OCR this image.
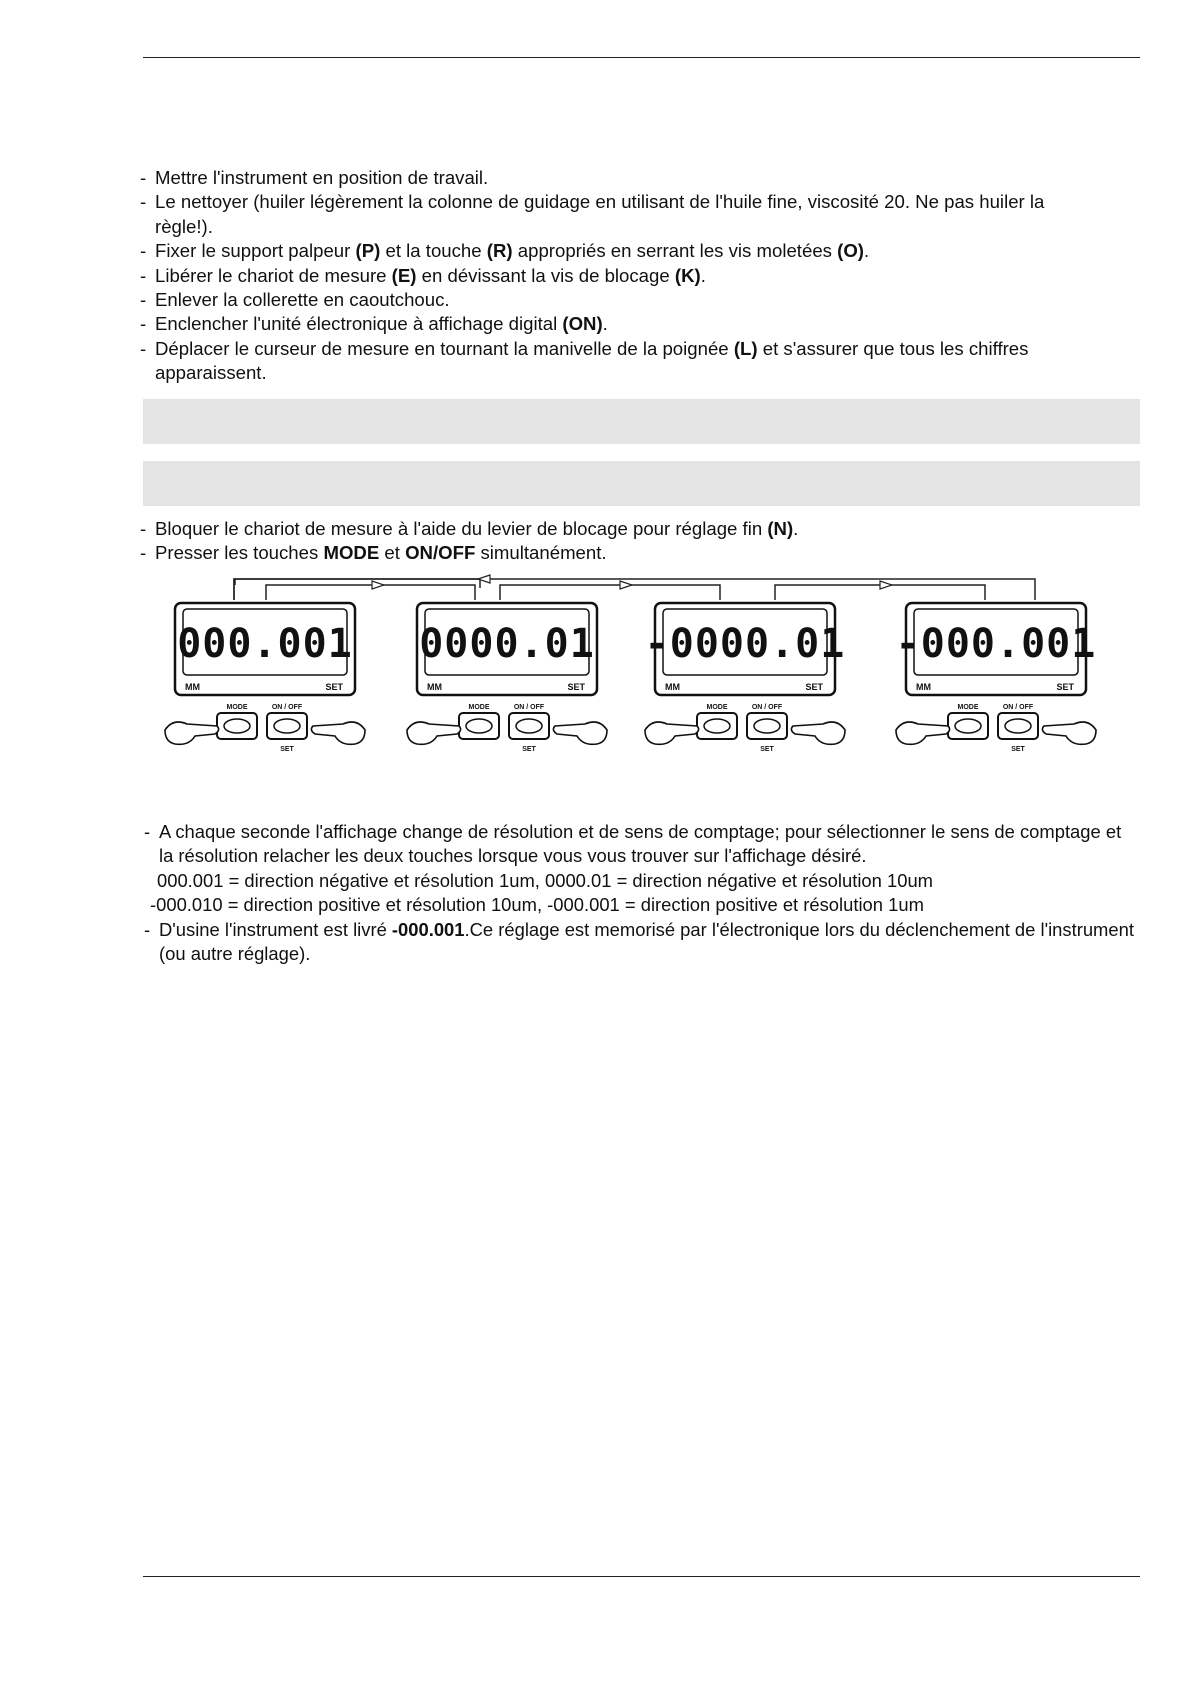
- Mettre l'instrument en position de travail.
- Le nettoyer (huiler légèrement la colonne de guidage en utilisant de l'huile fine, viscosité 20. Ne pas huiler la règle!).
- Fixer le support palpeur (P) et la touche (R) appropriés en serrant les vis moletées (O).
- Libérer le chariot de mesure (E) en dévissant la vis de blocage (K).
- Enlever la collerette en caoutchouc.
- Enclencher l'unité électronique à affichage digital (ON).
- Déplacer le curseur de mesure en tournant la manivelle de la poignée (L) et s'assurer que tous les chiffres apparaissent.
- Bloquer le chariot de mesure à l'aide du levier de blocage pour réglage fin (N).
- Presser les touches MODE et ON/OFF simultanément.
000.001
MM	SET
MODE	ON / OFF
SET
0000.01
MM	SET
MODE	ON / OFF
SET
-0000.01
MM	SET
MODE	ON / OFF
SET
-000.001
MM	SET
MODE	ON / OFF
SET
- A chaque seconde l'affichage change de résolution et de sens de comptage; pour sélectionner le sens de comptage et la résolution relacher les deux touches lorsque vous vous trouver sur l'affichage désiré.
000.001 = direction négative et résolution 1um, 0000.01 = direction négative et résolution 10um
-000.010 = direction positive et résolution 10um, -000.001 = direction positive et résolution 1um
- D'usine l'instrument est livré -000.001.Ce réglage est memorisé par l'électronique lors du déclenchement de l'instrument (ou autre réglage).
